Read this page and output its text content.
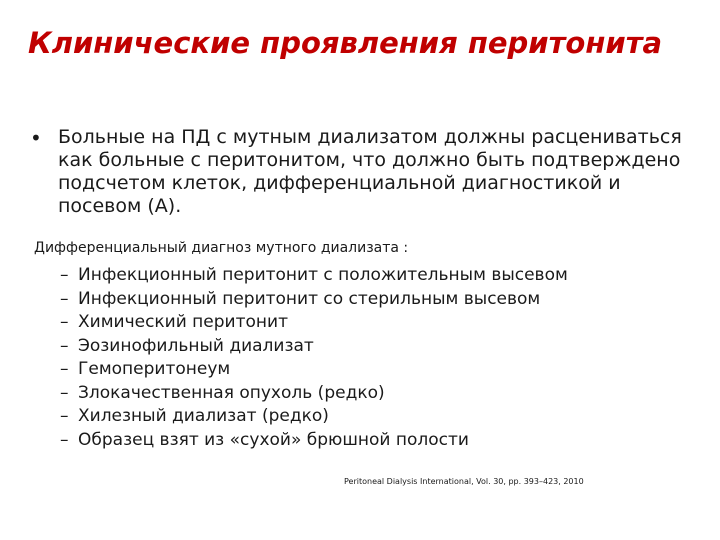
Клинические проявления перитонита
• Больные на ПД с мутным диализатом должны расцениваться как больные с перитонитом, что должно быть подтверждено подсчетом клеток, дифференциальной диагностикой и посевом (А).

Дифференциальный диагноз мутного диализата :

– Инфекционный перитонит с положительным высевом
– Инфекционный перитонит со стерильным высевом
– Химический перитонит
– Эозинофильный диализат
– Гемоперитонеум
– Злокачественная опухоль (редко)
– Хилезный диализат (редко)
– Образец взят из «сухой» брюшной полости

Peritoneal Dialysis International, Vol. 30, pp. 393–423, 2010
